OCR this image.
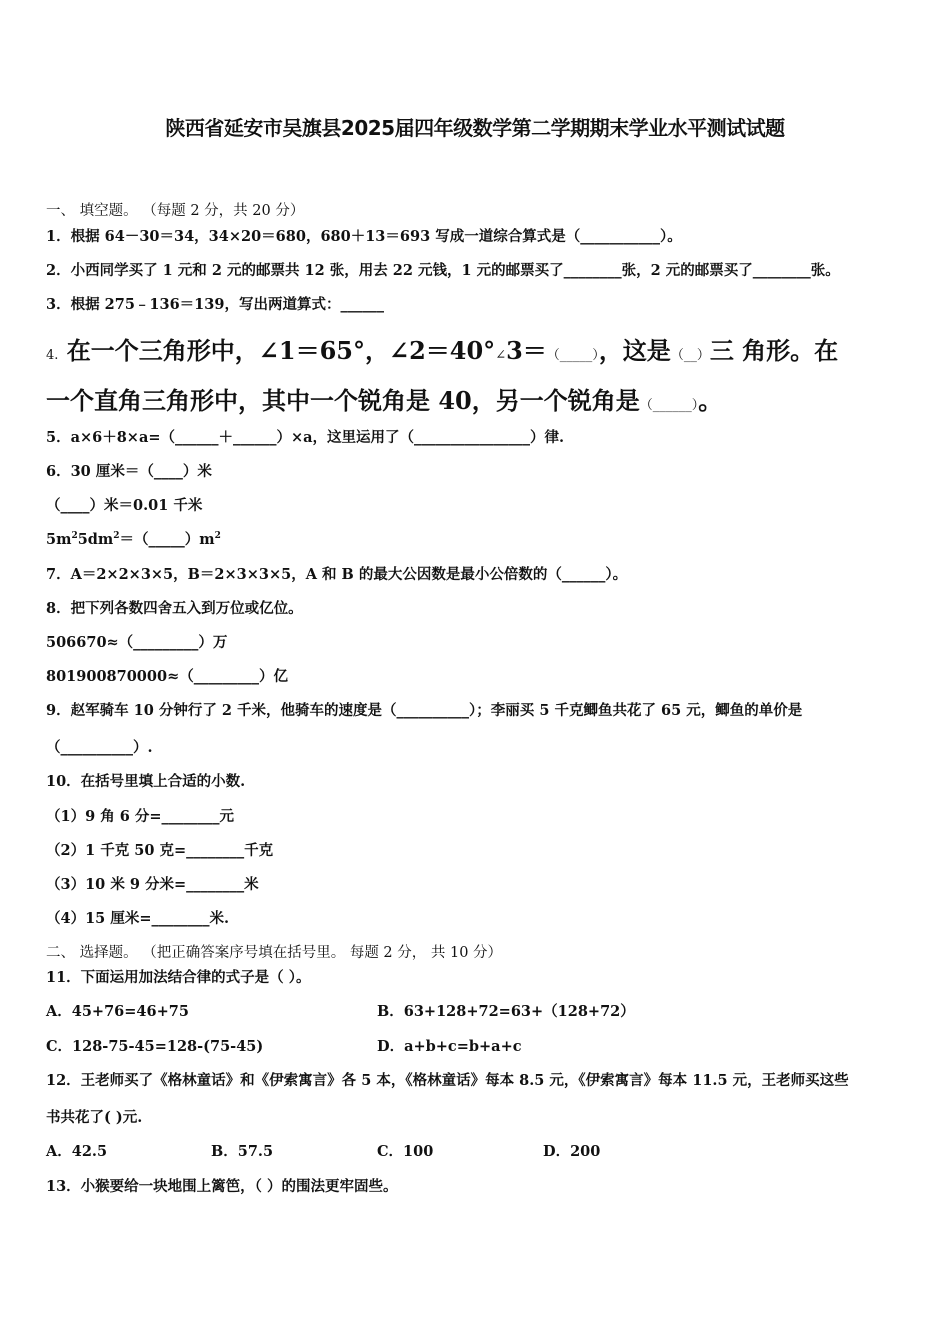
陕西省延安市吴旗县2025届四年级数学第二学期期末学业水平测试试题
一、 填空题。 （每题 2 分，共 20 分）
1．根据 64－30＝34，34×20＝680，680＋13＝693 写成一道综合算式是（___________）。
2．小西同学买了 1 元和 2 元的邮票共 12 张，用去 22 元钱，1 元的邮票买了________张，2 元的邮票买了________张。
3．根据 275﹣136＝139，写出两道算式：______
4. 在一个三角形中，∠1＝65°，∠2＝40°∠3＝（_____），这是（__）三 角形。在
一个直角三角形中，其中一个锐角是 40，另一个锐角是（______）。
5．a×6＋8×a=（______＋______）×a，这里运用了（________________）律.
6．30 厘米＝（____）米
（____）米＝0.01 千米
$5m^25dm^2=(\_\_\_\_\_)m^2$
7．A＝2×2×3×5，B＝2×3×3×5，A 和 B 的最大公因数是最小公倍数的（______）。
8．把下列各数四舍五入到万位或亿位。
506670≈（_________）万
801900870000≈（_________）亿
9．赵军骑车 10 分钟行了 2 千米，他骑车的速度是（__________）；李丽买 5 千克鲫鱼共花了 65 元，鲫鱼的单价是
（__________）.
10．在括号里填上合适的小数.
（1）9 角 6 分=________元
（2）1 千克 50 克=________千克
（3）10 米 9 分米=________米
（4）15 厘米=________米.
二、 选择题。 （把正确答案序号填在括号里。 每题 2 分， 共 10 分）
11．下面运用加法结合律的式子是（ ）。
A．45+76=46+75	B．63+128+72=63+（128+72）
C．128-75-45=128-(75-45)	D．a+b+c=b+a+c
12．王老师买了《格林童话》和《伊索寓言》各 5 本，《格林童话》每本 8.5 元，《伊索寓言》每本 11.5 元，王老师买这些
书共花了( )元.
A．42.5	B．57.5	C．100	D．200
13．小猴要给一块地围上篱笆，（ ）的围法更牢固些。
